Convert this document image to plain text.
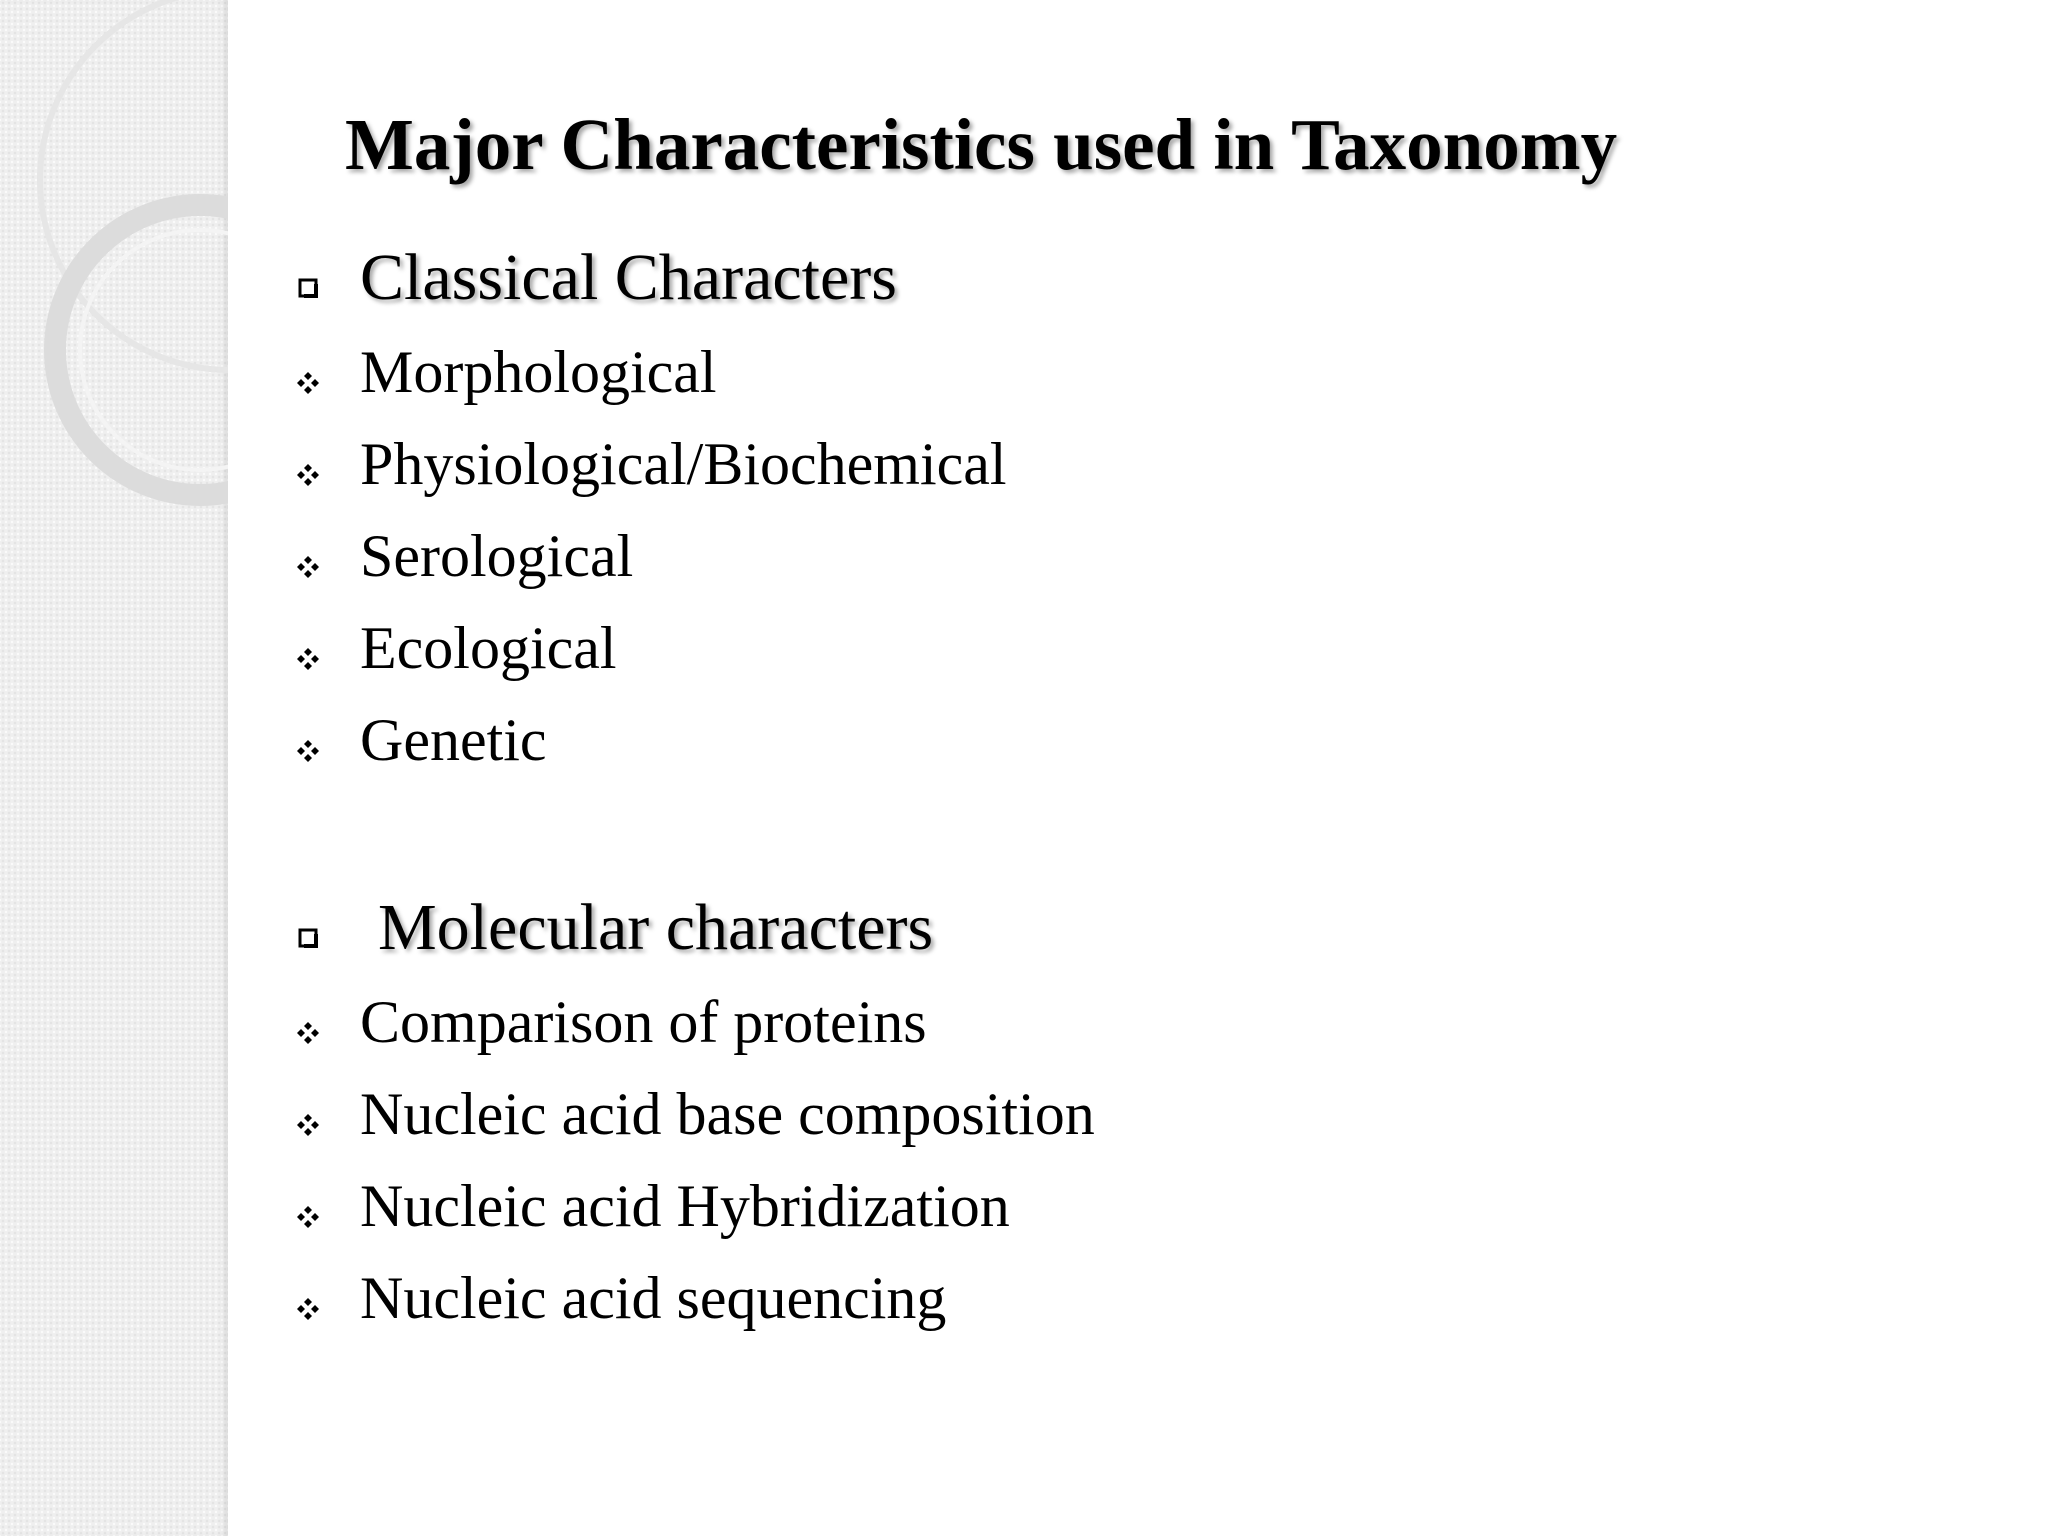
Major Characteristics used in Taxonomy
Classical Characters
Morphological
Physiological/Biochemical
Serological
Ecological
Genetic
Molecular characters
Comparison of proteins
Nucleic acid base composition
Nucleic acid Hybridization
Nucleic acid sequencing
